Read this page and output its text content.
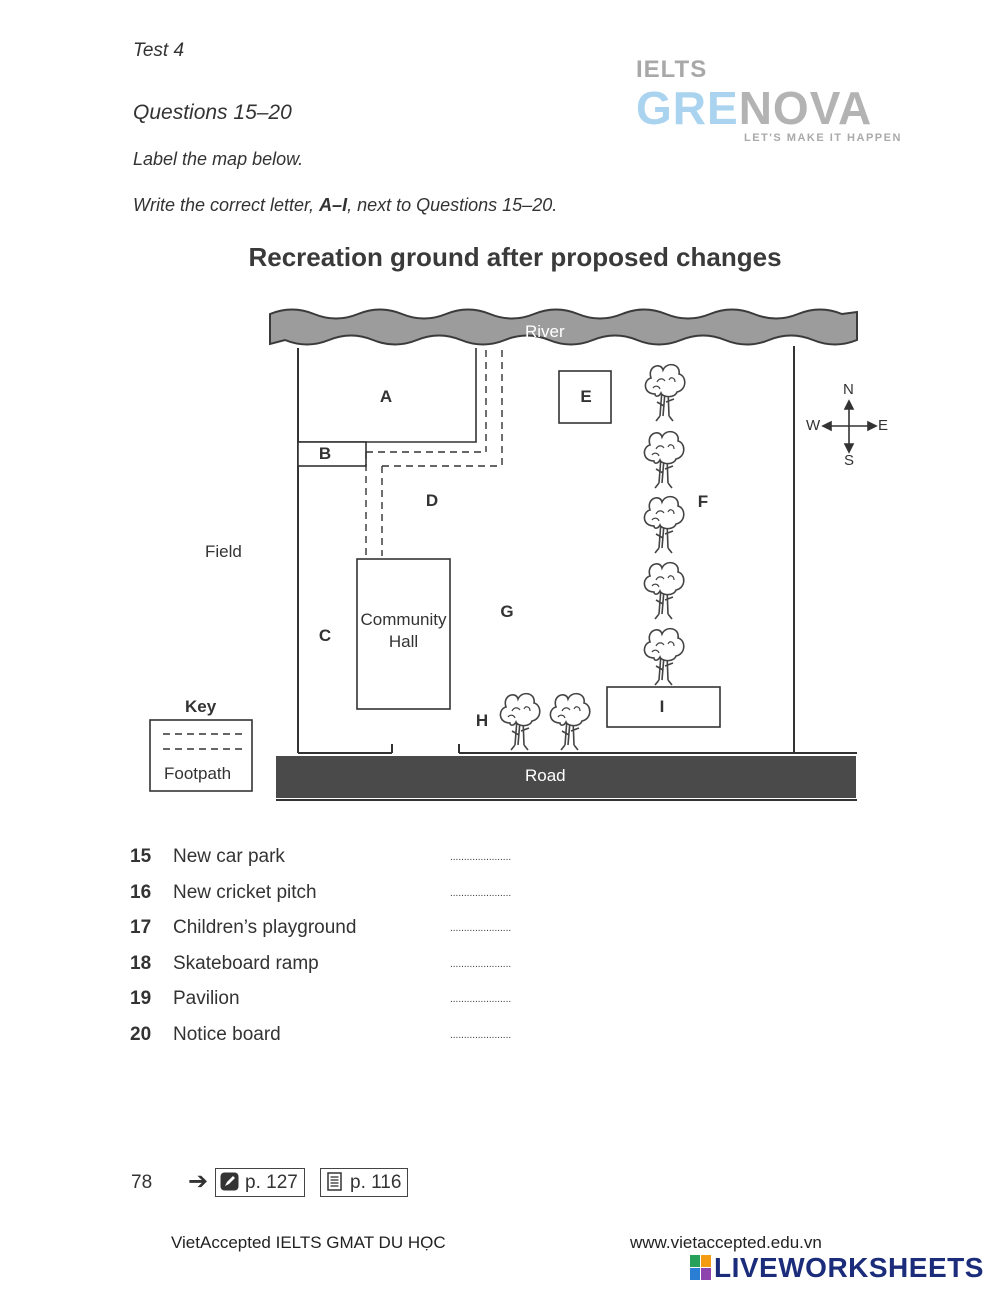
Test 4
Questions 15–20
Label the map below.
Write the correct letter, A–I, next to Questions 15–20.
IELTS
GRENOVA
LET'S MAKE IT HAPPEN
Recreation ground after proposed changes
River
Road
Field
Community
Hall
A
B
C
D
E
F
G
H
I
N
S
E
W
Key
Footpath
15 New car park	......................
16 New cricket pitch	......................
17 Children’s playground	......................
18 Skateboard ramp	......................
19 Pavilion	......................
20 Notice board	......................
78 ➔	p. 127	p. 116
VietAccepted IELTS GMAT DU HỌC	www.vietaccepted.edu.vn
LIVEWORKSHEETS
